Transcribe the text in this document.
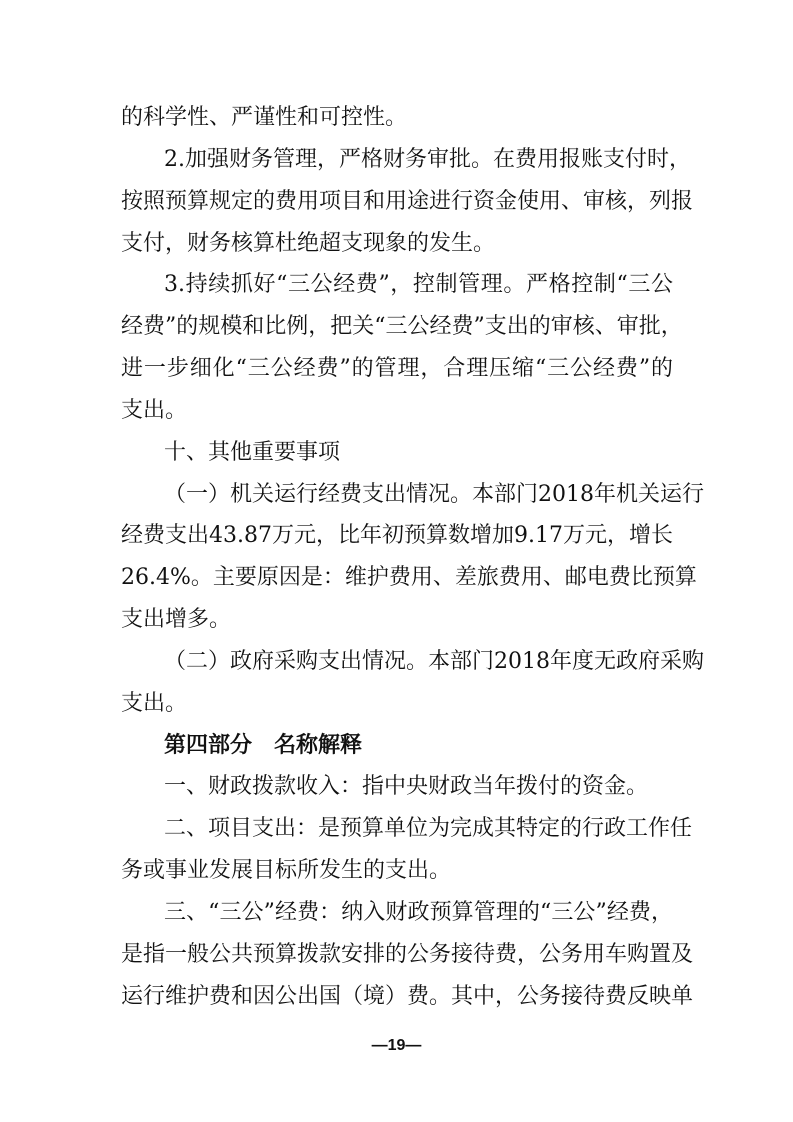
的科学性、严谨性和可控性。
2.加强财务管理，严格财务审批。在费用报账支付时，
按照预算规定的费用项目和用途进行资金使用、审核，列报
支付，财务核算杜绝超支现象的发生。
3.持续抓好“三公经费”，控制管理。严格控制“三公
经费”的规模和比例，把关“三公经费”支出的审核、审批，
进一步细化“三公经费”的管理，合理压缩“三公经费”的
支出。
十、其他重要事项
（一）机关运行经费支出情况。本部门2018年机关运行
经费支出43.87万元，比年初预算数增加9.17万元，增长
26.4%。主要原因是：维护费用、差旅费用、邮电费比预算
支出增多。
（二）政府采购支出情况。本部门2018年度无政府采购
支出。
第四部分　名称解释
一、财政拨款收入：指中央财政当年拨付的资金。
二、项目支出：是预算单位为完成其特定的行政工作任
务或事业发展目标所发生的支出。
三、“三公”经费：纳入财政预算管理的“三公”经费，
是指一般公共预算拨款安排的公务接待费，公务用车购置及
运行维护费和因公出国（境）费。其中，公务接待费反映单
—19—
